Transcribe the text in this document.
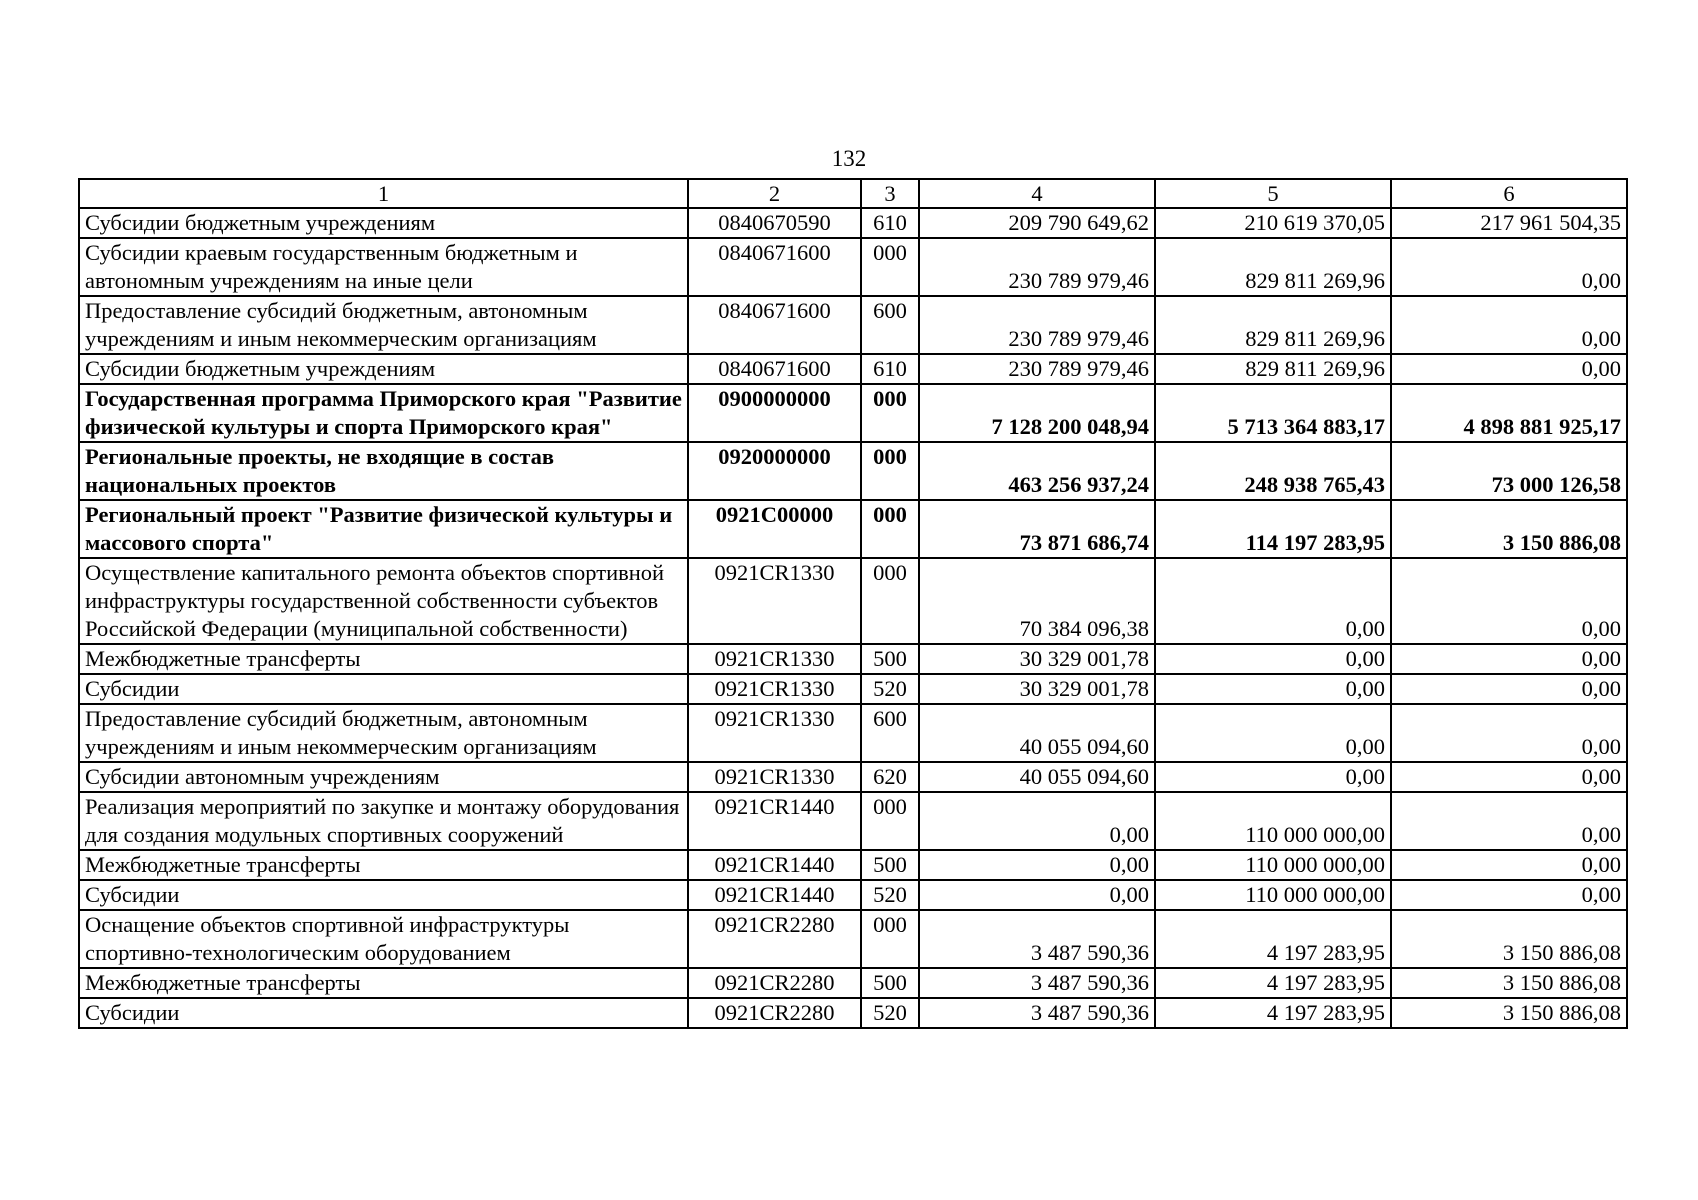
132
1	2	3	4	5	6
Субсидии бюджетным учреждениям	0840670590	610	209 790 649,62	210 619 370,05	217 961 504,35
Субсидии краевым государственным бюджетным и автономным учреждениям на иные цели	0840671600	000	230 789 979,46	829 811 269,96	0,00
Предоставление субсидий бюджетным, автономным учреждениям и иным некоммерческим организациям	0840671600	600	230 789 979,46	829 811 269,96	0,00
Субсидии бюджетным учреждениям	0840671600	610	230 789 979,46	829 811 269,96	0,00
Государственная программа Приморского края "Развитие физической культуры и спорта Приморского края"	0900000000	000	7 128 200 048,94	5 713 364 883,17	4 898 881 925,17
Региональные проекты, не входящие в состав национальных проектов	0920000000	000	463 256 937,24	248 938 765,43	73 000 126,58
Региональный проект "Развитие физической культуры и массового спорта"	0921С00000	000	73 871 686,74	114 197 283,95	3 150 886,08
Осуществление капитального ремонта объектов спортивной инфраструктуры государственной собственности субъектов Российской Федерации (муниципальной собственности)	0921CR1330	000	70 384 096,38	0,00	0,00
Межбюджетные трансферты	0921CR1330	500	30 329 001,78	0,00	0,00
Субсидии	0921CR1330	520	30 329 001,78	0,00	0,00
Предоставление субсидий бюджетным, автономным учреждениям и иным некоммерческим организациям	0921CR1330	600	40 055 094,60	0,00	0,00
Субсидии автономным учреждениям	0921CR1330	620	40 055 094,60	0,00	0,00
Реализация мероприятий по закупке и монтажу оборудования для создания модульных спортивных сооружений	0921CR1440	000	0,00	110 000 000,00	0,00
Межбюджетные трансферты	0921CR1440	500	0,00	110 000 000,00	0,00
Субсидии	0921CR1440	520	0,00	110 000 000,00	0,00
Оснащение объектов спортивной инфраструктуры спортивно-технологическим оборудованием	0921CR2280	000	3 487 590,36	4 197 283,95	3 150 886,08
Межбюджетные трансферты	0921CR2280	500	3 487 590,36	4 197 283,95	3 150 886,08
Субсидии	0921CR2280	520	3 487 590,36	4 197 283,95	3 150 886,08
